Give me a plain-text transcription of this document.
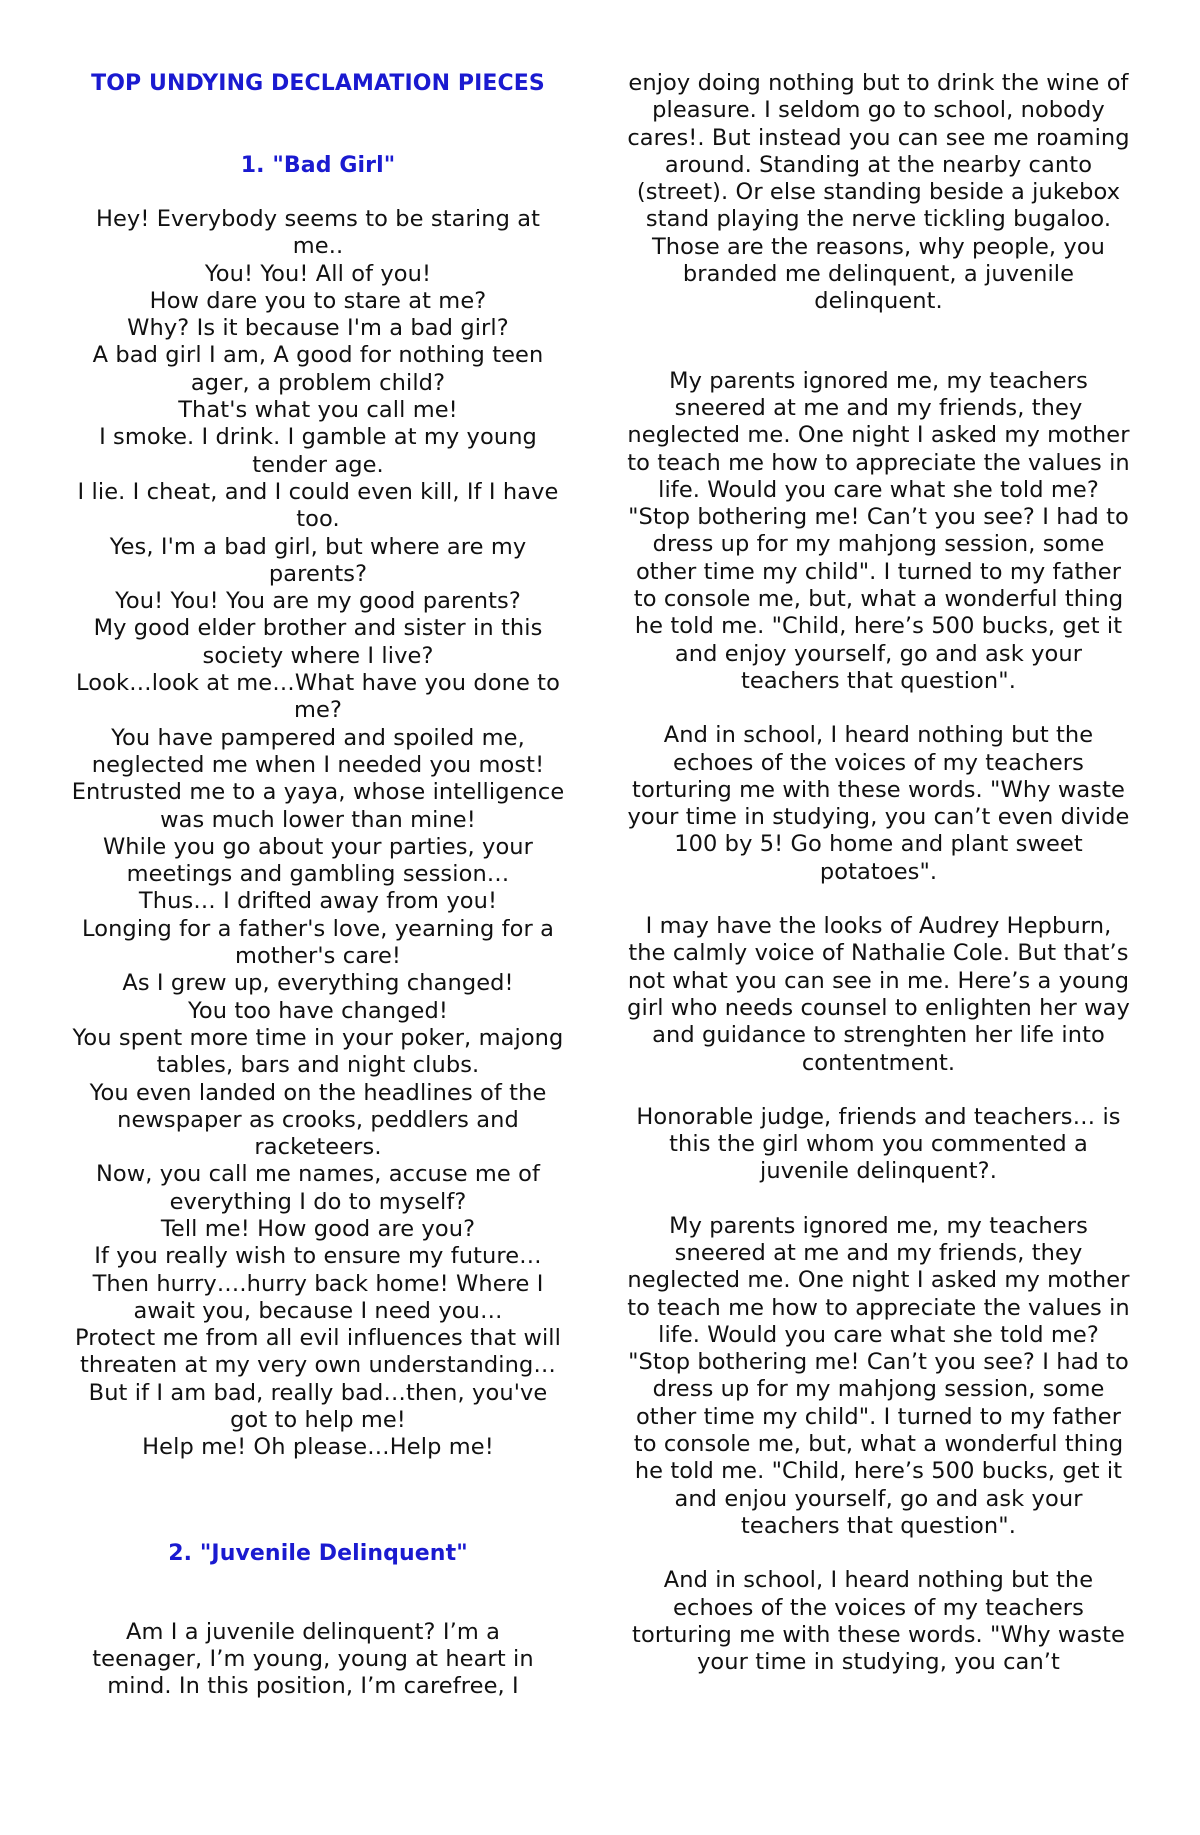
TOP UNDYING DECLAMATION PIECES
1. "Bad Girl"
Hey! Everybody seems to be staring at me..
You! You! All of you!
How dare you to stare at me?
Why? Is it because I'm a bad girl?
A bad girl I am, A good for nothing teen ager, a problem child?
That's what you call me!
I smoke. I drink. I gamble at my young tender age.
I lie. I cheat, and I could even kill, If I have too.
Yes, I'm a bad girl, but where are my parents?
You! You! You are my good parents?
My good elder brother and sister in this society where I live?
Look…look at me…What have you done to me?
You have pampered and spoiled me, neglected me when I needed you most!
Entrusted me to a yaya, whose intelligence was much lower than mine!
While you go about your parties, your meetings and gambling session…
Thus… I drifted away from you!
Longing for a father's love, yearning for a mother's care!
As I grew up, everything changed!
You too have changed!
You spent more time in your poker, majong tables, bars and night clubs.
You even landed on the headlines of the newspaper as crooks, peddlers and racketeers.
Now, you call me names, accuse me of everything I do to myself?
Tell me! How good are you?
If you really wish to ensure my future…
Then hurry….hurry back home! Where I await you, because I need you…
Protect me from all evil influences that will threaten at my very own understanding…
But if I am bad, really bad…then, you've got to help me!
Help me! Oh please…Help me!
2. "Juvenile Delinquent"

Am I a juvenile delinquent? I’m a teenager, I’m young, young at heart in mind. In this position, I’m carefree, I

enjoy doing nothing but to drink the wine of pleasure. I seldom go to school, nobody cares!. But instead you can see me roaming around. Standing at the nearby canto (street). Or else standing beside a jukebox stand playing the nerve tickling bugaloo. Those are the reasons, why people, you branded me delinquent, a juvenile delinquent.

My parents ignored me, my teachers sneered at me and my friends, they neglected me. One night I asked my mother to teach me how to appreciate the values in life. Would you care what she told me? "Stop bothering me! Can’t you see? I had to dress up for my mahjong session, some other time my child". I turned to my father to console me, but, what a wonderful thing he told me. "Child, here’s 500 bucks, get it and enjoy yourself, go and ask your teachers that question".

And in school, I heard nothing but the echoes of the voices of my teachers torturing me with these words. "Why waste your time in studying, you can’t even divide 100 by 5! Go home and plant sweet potatoes".

I may have the looks of Audrey Hepburn, the calmly voice of Nathalie Cole. But that’s not what you can see in me. Here’s a young girl who needs counsel to enlighten her way and guidance to strenghten her life into contentment.

Honorable judge, friends and teachers… is this the girl whom you commented a juvenile delinquent?.

My parents ignored me, my teachers sneered at me and my friends, they neglected me. One night I asked my mother to teach me how to appreciate the values in life. Would you care what she told me? "Stop bothering me! Can’t you see? I had to dress up for my mahjong session, some other time my child". I turned to my father to console me, but, what a wonderful thing he told me. "Child, here’s 500 bucks, get it and enjou yourself, go and ask your teachers that question".

And in school, I heard nothing but the echoes of the voices of my teachers torturing me with these words. "Why waste your time in studying, you can’t
